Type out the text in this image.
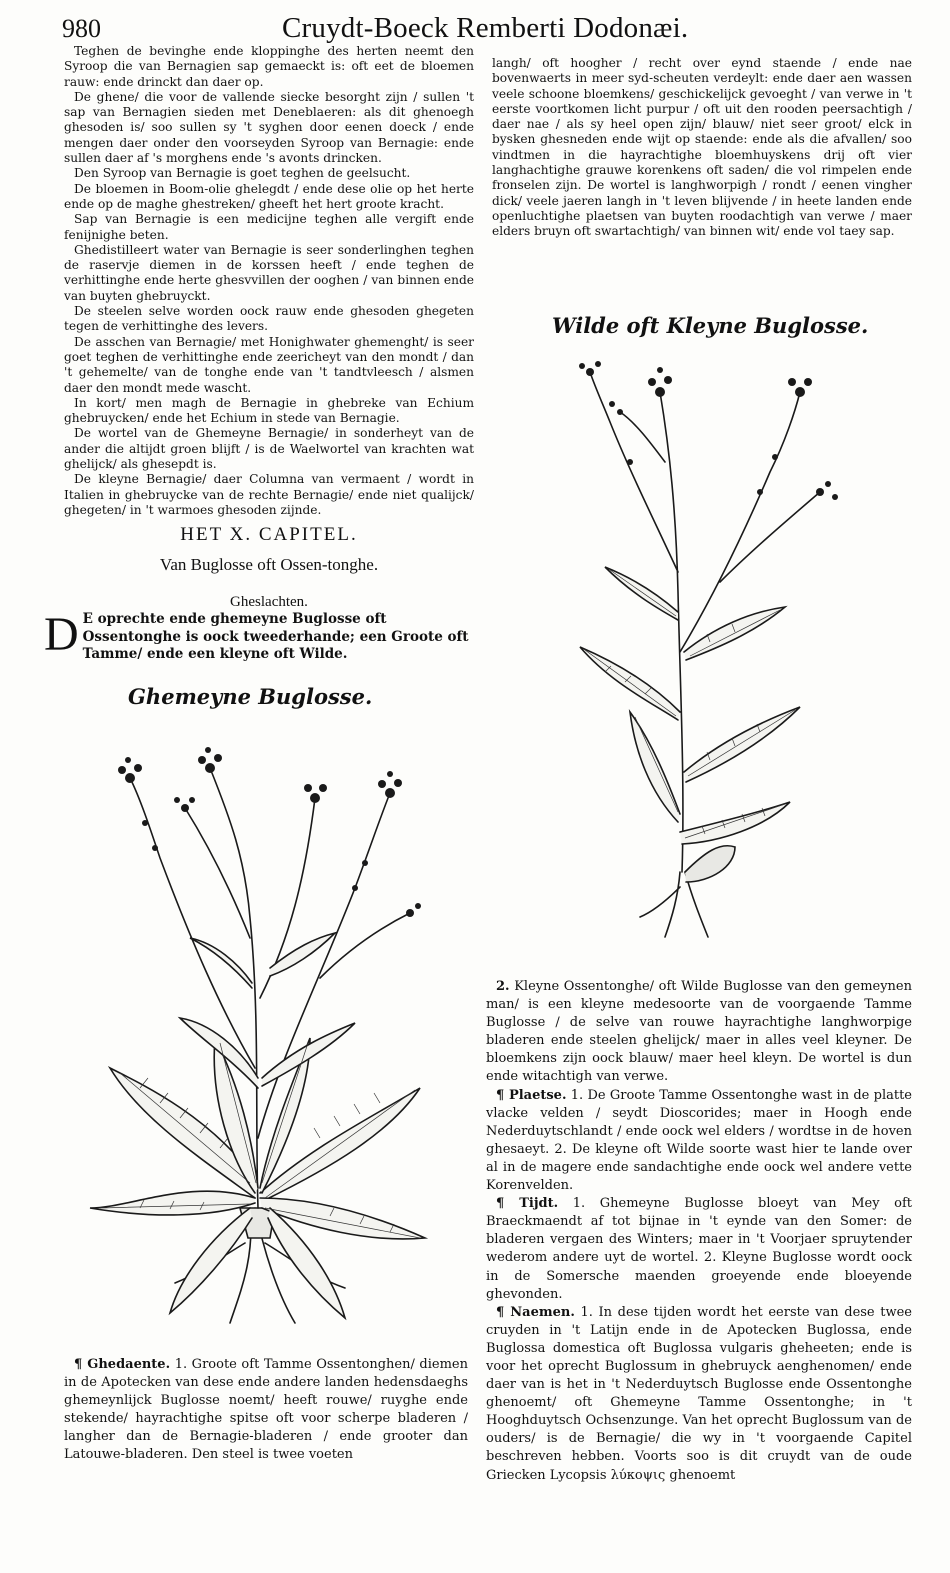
980	Cruydt-Boeck Remberti Dodonæi.

Teghen de bevinghe ende kloppinghe des herten neemt den Syroop die van Bernagien sap gemaeckt is: oft eet de bloemen rauw: ende drinckt dan daer op.

De ghene/ die voor de vallende siecke besorght zijn / sullen 't sap van Bernagien sieden met Deneblaeren: als dit ghenoegh ghesoden is/ soo sullen sy 't syghen door eenen doeck / ende mengen daer onder den voorseyden Syroop van Bernagie: ende sullen daer af 's morghens ende 's avonts drincken.

Den Syroop van Bernagie is goet teghen de geelsucht.

De bloemen in Boom-olie ghelegdt / ende dese olie op het herte ende op de maghe ghestreken/ gheeft het hert groote kracht.

Sap van Bernagie is een medicijne teghen alle vergift ende fenijnighe beten.

Ghedistilleert water van Bernagie is seer sonderlinghen teghen de raservje diemen in de korssen heeft / ende teghen de verhittinghe ende herte ghesvvillen der ooghen / van binnen ende van buyten ghebruyckt.

De steelen selve worden oock rauw ende ghesoden ghegeten tegen de verhittinghe des levers.

De asschen van Bernagie/ met Honighwater ghemenght/ is seer goet teghen de verhittinghe ende zeericheyt van den mondt / dan 't gehemelte/ van de tonghe ende van 't tandtvleesch / alsmen daer den mondt mede wascht.

In kort/ men magh de Bernagie in ghebreke van Echium ghebruycken/ ende het Echium in stede van Bernagie.

De wortel van de Ghemeyne Bernagie/ in sonderheyt van de ander die altijdt groen blijft / is de Waelwortel van krachten wat ghelijck/ als ghesepdt is.

De kleyne Bernagie/ daer Columna van vermaent / wordt in Italien in ghebruycke van de rechte Bernagie/ ende niet qualijck/ ghegeten/ in 't warmoes ghesoden zijnde.

HET X. CAPITEL.
Van Buglosse oft Ossen-tonghe.
Gheslachten.
D E oprechte ende ghemeyne Buglosse oft Ossentonghe is oock tweederhande; een Groote oft Tamme/ ende een kleyne oft Wilde.
Ghemeyne Buglosse.

¶ Ghedaente. 1. Groote oft Tamme Ossentonghen/ diemen in de Apotecken van dese ende andere landen hedensdaeghs ghemeynlijck Buglosse noemt/ heeft rouwe/ ruyghe ende stekende/ hayrachtighe spitse oft voor scherpe bladeren / langher dan de Bernagie-bladeren / ende grooter dan Latouwe-bladeren. Den steel is twee voeten

langh/ oft hoogher / recht over eynd staende / ende nae bovenwaerts in meer syd-scheuten verdeylt: ende daer aen wassen veele schoone bloemkens/ geschickelijck gevoeght / van verwe in 't eerste voortkomen licht purpur / oft uit den rooden peersachtigh / daer nae / als sy heel open zijn/ blauw/ niet seer groot/ elck in bysken ghesneden ende wijt op staende: ende als die afvallen/ soo vindtmen in die hayrachtighe bloemhuyskens drij oft vier langhachtighe grauwe korenkens oft saden/ die vol rimpelen ende fronselen zijn. De wortel is langhworpigh / rondt / eenen vingher dick/ veele jaeren langh in 't leven blijvende / in heete landen ende openluchtighe plaetsen van buyten roodachtigh van verwe / maer elders bruyn oft swartachtigh/ van binnen wit/ ende vol taey sap.

Wilde oft Kleyne Buglosse.

2. Kleyne Ossentonghe/ oft Wilde Buglosse van den gemeynen man/ is een kleyne medesoorte van de voorgaende Tamme Buglosse / de selve van rouwe hayrachtighe langhworpige bladeren ende steelen ghelijck/ maer in alles veel kleyner. De bloemkens zijn oock blauw/ maer heel kleyn. De wortel is dun ende witachtigh van verwe.

¶ Plaetse. 1. De Groote Tamme Ossentonghe wast in de platte vlacke velden / seydt Dioscorides; maer in Hoogh ende Nederduytschlandt / ende oock wel elders / wordtse in de hoven ghesaeyt. 2. De kleyne oft Wilde soorte wast hier te lande over al in de magere ende sandachtighe ende oock wel andere vette Korenvelden.

¶ Tijdt. 1. Ghemeyne Buglosse bloeyt van Mey oft Braeckmaendt af tot bijnae in 't eynde van den Somer: de bladeren vergaen des Winters; maer in 't Voorjaer spruytender wederom andere uyt de wortel. 2. Kleyne Buglosse wordt oock in de Somersche maenden groeyende ende bloeyende ghevonden.

¶ Naemen. 1. In dese tijden wordt het eerste van dese twee cruyden in 't Latijn ende in de Apotecken Buglossa, ende Buglossa domestica oft Buglossa vulgaris gheheeten; ende is voor het oprecht Buglossum in ghebruyck aenghenomen/ ende daer van is het in 't Nederduytsch Buglosse ende Ossentonghe ghenoemt/ oft Ghemeyne Tamme Ossentonghe; in 't Hooghduytsch Ochsenzunge. Van het oprecht Buglossum van de ouders/ is de Bernagie/ die wy in 't voorgaende Capitel beschreven hebben. Voorts soo is dit cruydt van de oude Griecken Lycopsis λύκοψις ghenoemt
